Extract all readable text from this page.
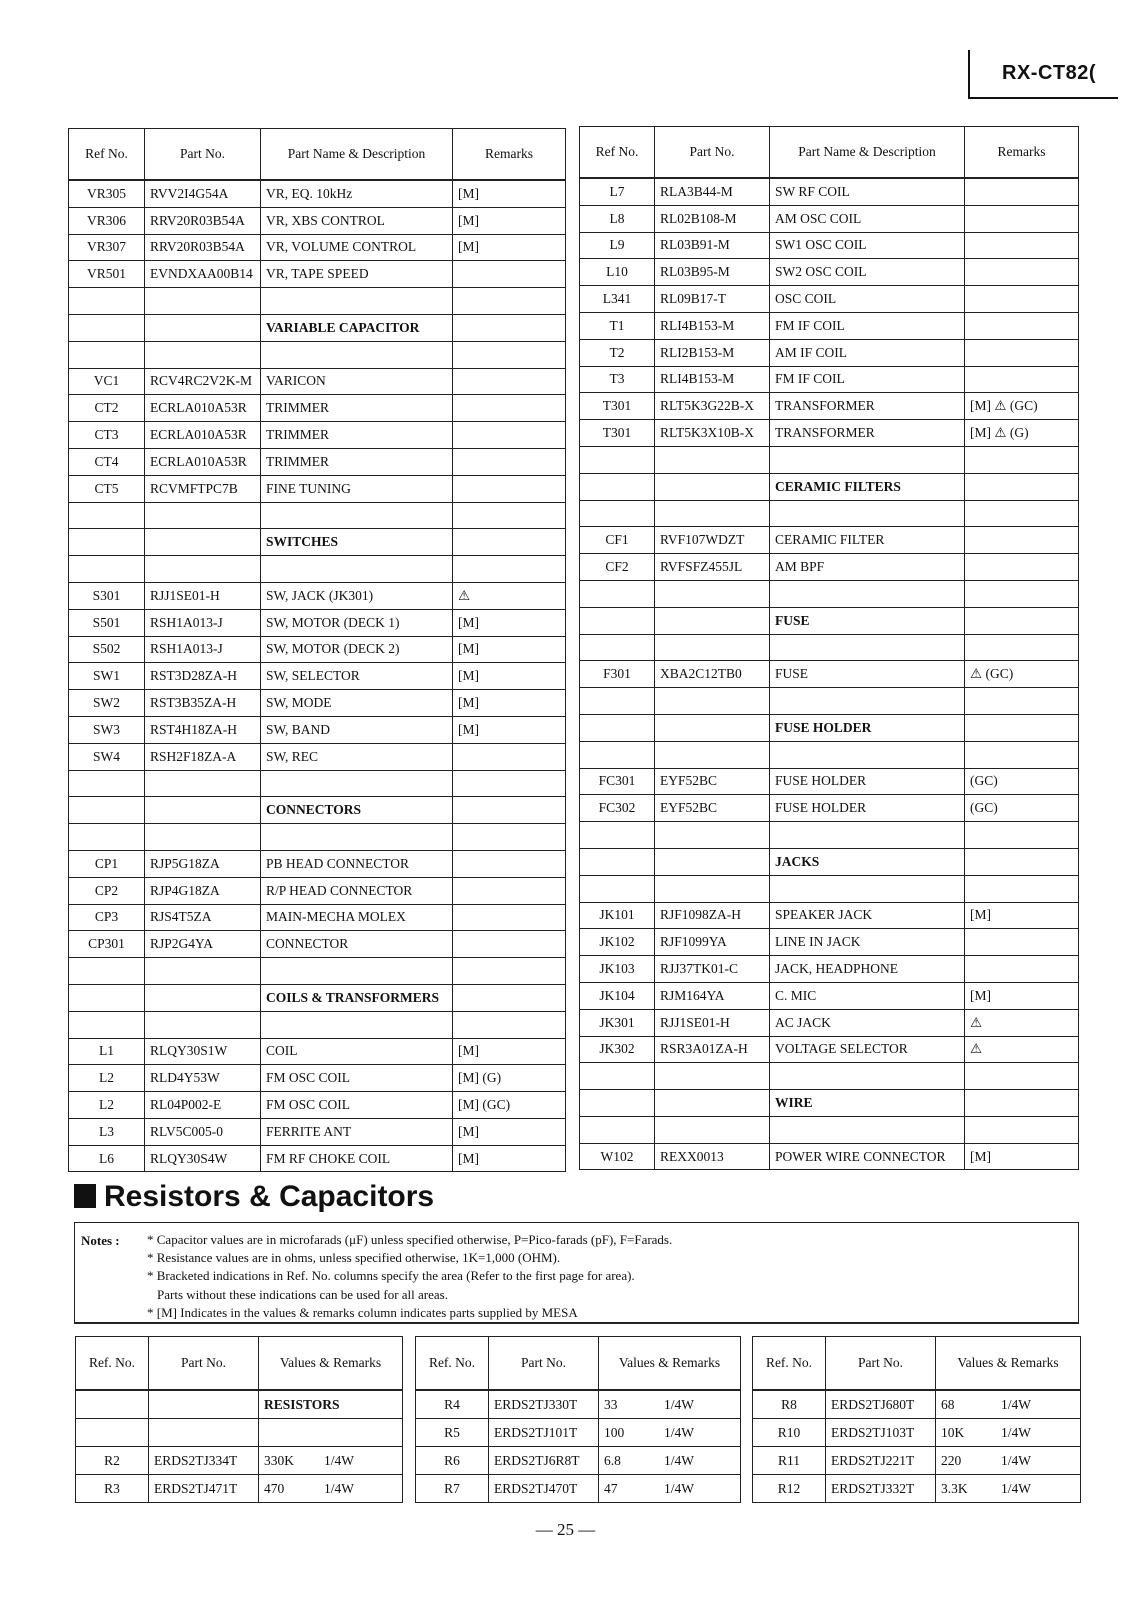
RX-CT82(
Ref No.	Part No.	Part Name & Description	Remarks
VR305	RVV2I4G54A	VR, EQ. 10kHz	[M]
VR306	RRV20R03B54A	VR, XBS CONTROL	[M]
VR307	RRV20R03B54A	VR, VOLUME CONTROL	[M]
VR501	EVNDXAA00B14	VR, TAPE SPEED	

		VARIABLE CAPACITOR	

VC1	RCV4RC2V2K-M	VARICON	
CT2	ECRLA010A53R	TRIMMER	
CT3	ECRLA010A53R	TRIMMER	
CT4	ECRLA010A53R	TRIMMER	
CT5	RCVMFTPC7B	FINE TUNING	

		SWITCHES	

S301	RJJ1SE01-H	SW, JACK (JK301)	⚠
S501	RSH1A013-J	SW, MOTOR (DECK 1)	[M]
S502	RSH1A013-J	SW, MOTOR (DECK 2)	[M]
SW1	RST3D28ZA-H	SW, SELECTOR	[M]
SW2	RST3B35ZA-H	SW, MODE	[M]
SW3	RST4H18ZA-H	SW, BAND	[M]
SW4	RSH2F18ZA-A	SW, REC	

		CONNECTORS	

CP1	RJP5G18ZA	PB HEAD CONNECTOR	
CP2	RJP4G18ZA	R/P HEAD CONNECTOR	
CP3	RJS4T5ZA	MAIN-MECHA MOLEX	
CP301	RJP2G4YA	CONNECTOR	

		COILS & TRANSFORMERS	

L1	RLQY30S1W	COIL	[M]
L2	RLD4Y53W	FM OSC COIL	[M] (G)
L2	RL04P002-E	FM OSC COIL	[M] (GC)
L3	RLV5C005-0	FERRITE ANT	[M]
L6	RLQY30S4W	FM RF CHOKE COIL	[M]
Ref No.	Part No.	Part Name & Description	Remarks
L7	RLA3B44-M	SW RF COIL	
L8	RL02B108-M	AM OSC COIL	
L9	RL03B91-M	SW1 OSC COIL	
L10	RL03B95-M	SW2 OSC COIL	
L341	RL09B17-T	OSC COIL	
T1	RLI4B153-M	FM IF COIL	
T2	RLI2B153-M	AM IF COIL	
T3	RLI4B153-M	FM IF COIL	
T301	RLT5K3G22B-X	TRANSFORMER	[M] ⚠ (GC)
T301	RLT5K3X10B-X	TRANSFORMER	[M] ⚠ (G)

		CERAMIC FILTERS	

CF1	RVF107WDZT	CERAMIC FILTER	
CF2	RVFSFZ455JL	AM BPF	

		FUSE	

F301	XBA2C12TB0	FUSE	⚠ (GC)

		FUSE HOLDER	

FC301	EYF52BC	FUSE HOLDER	(GC)
FC302	EYF52BC	FUSE HOLDER	(GC)

		JACKS	

JK101	RJF1098ZA-H	SPEAKER JACK	[M]
JK102	RJF1099YA	LINE IN JACK	
JK103	RJJ37TK01-C	JACK, HEADPHONE	
JK104	RJM164YA	C. MIC	[M]
JK301	RJJ1SE01-H	AC JACK	⚠
JK302	RSR3A01ZA-H	VOLTAGE SELECTOR	⚠

		WIRE	

W102	REXX0013	POWER WIRE CONNECTOR	[M]
Resistors & Capacitors
Notes : * Capacitor values are in microfarads (μF) unless specified otherwise, P=Pico-farads (pF), F=Farads.
* Resistance values are in ohms, unless specified otherwise, 1K=1,000 (OHM).
* Bracketed indications in Ref. No. columns specify the area (Refer to the first page for area).
Parts without these indications can be used for all areas.
* [M] Indicates in the values & remarks column indicates parts supplied by MESA
Ref. No.	Part No.	Values & Remarks
		RESISTORS

R2	ERDS2TJ334T	330K 1/4W
R3	ERDS2TJ471T	470 1/4W
Ref. No.	Part No.	Values & Remarks
R4	ERDS2TJ330T	33 1/4W
R5	ERDS2TJ101T	100 1/4W
R6	ERDS2TJ6R8T	6.8 1/4W
R7	ERDS2TJ470T	47 1/4W
Ref. No.	Part No.	Values & Remarks
R8	ERDS2TJ680T	68 1/4W
R10	ERDS2TJ103T	10K 1/4W
R11	ERDS2TJ221T	220 1/4W
R12	ERDS2TJ332T	3.3K 1/4W
— 25 —
